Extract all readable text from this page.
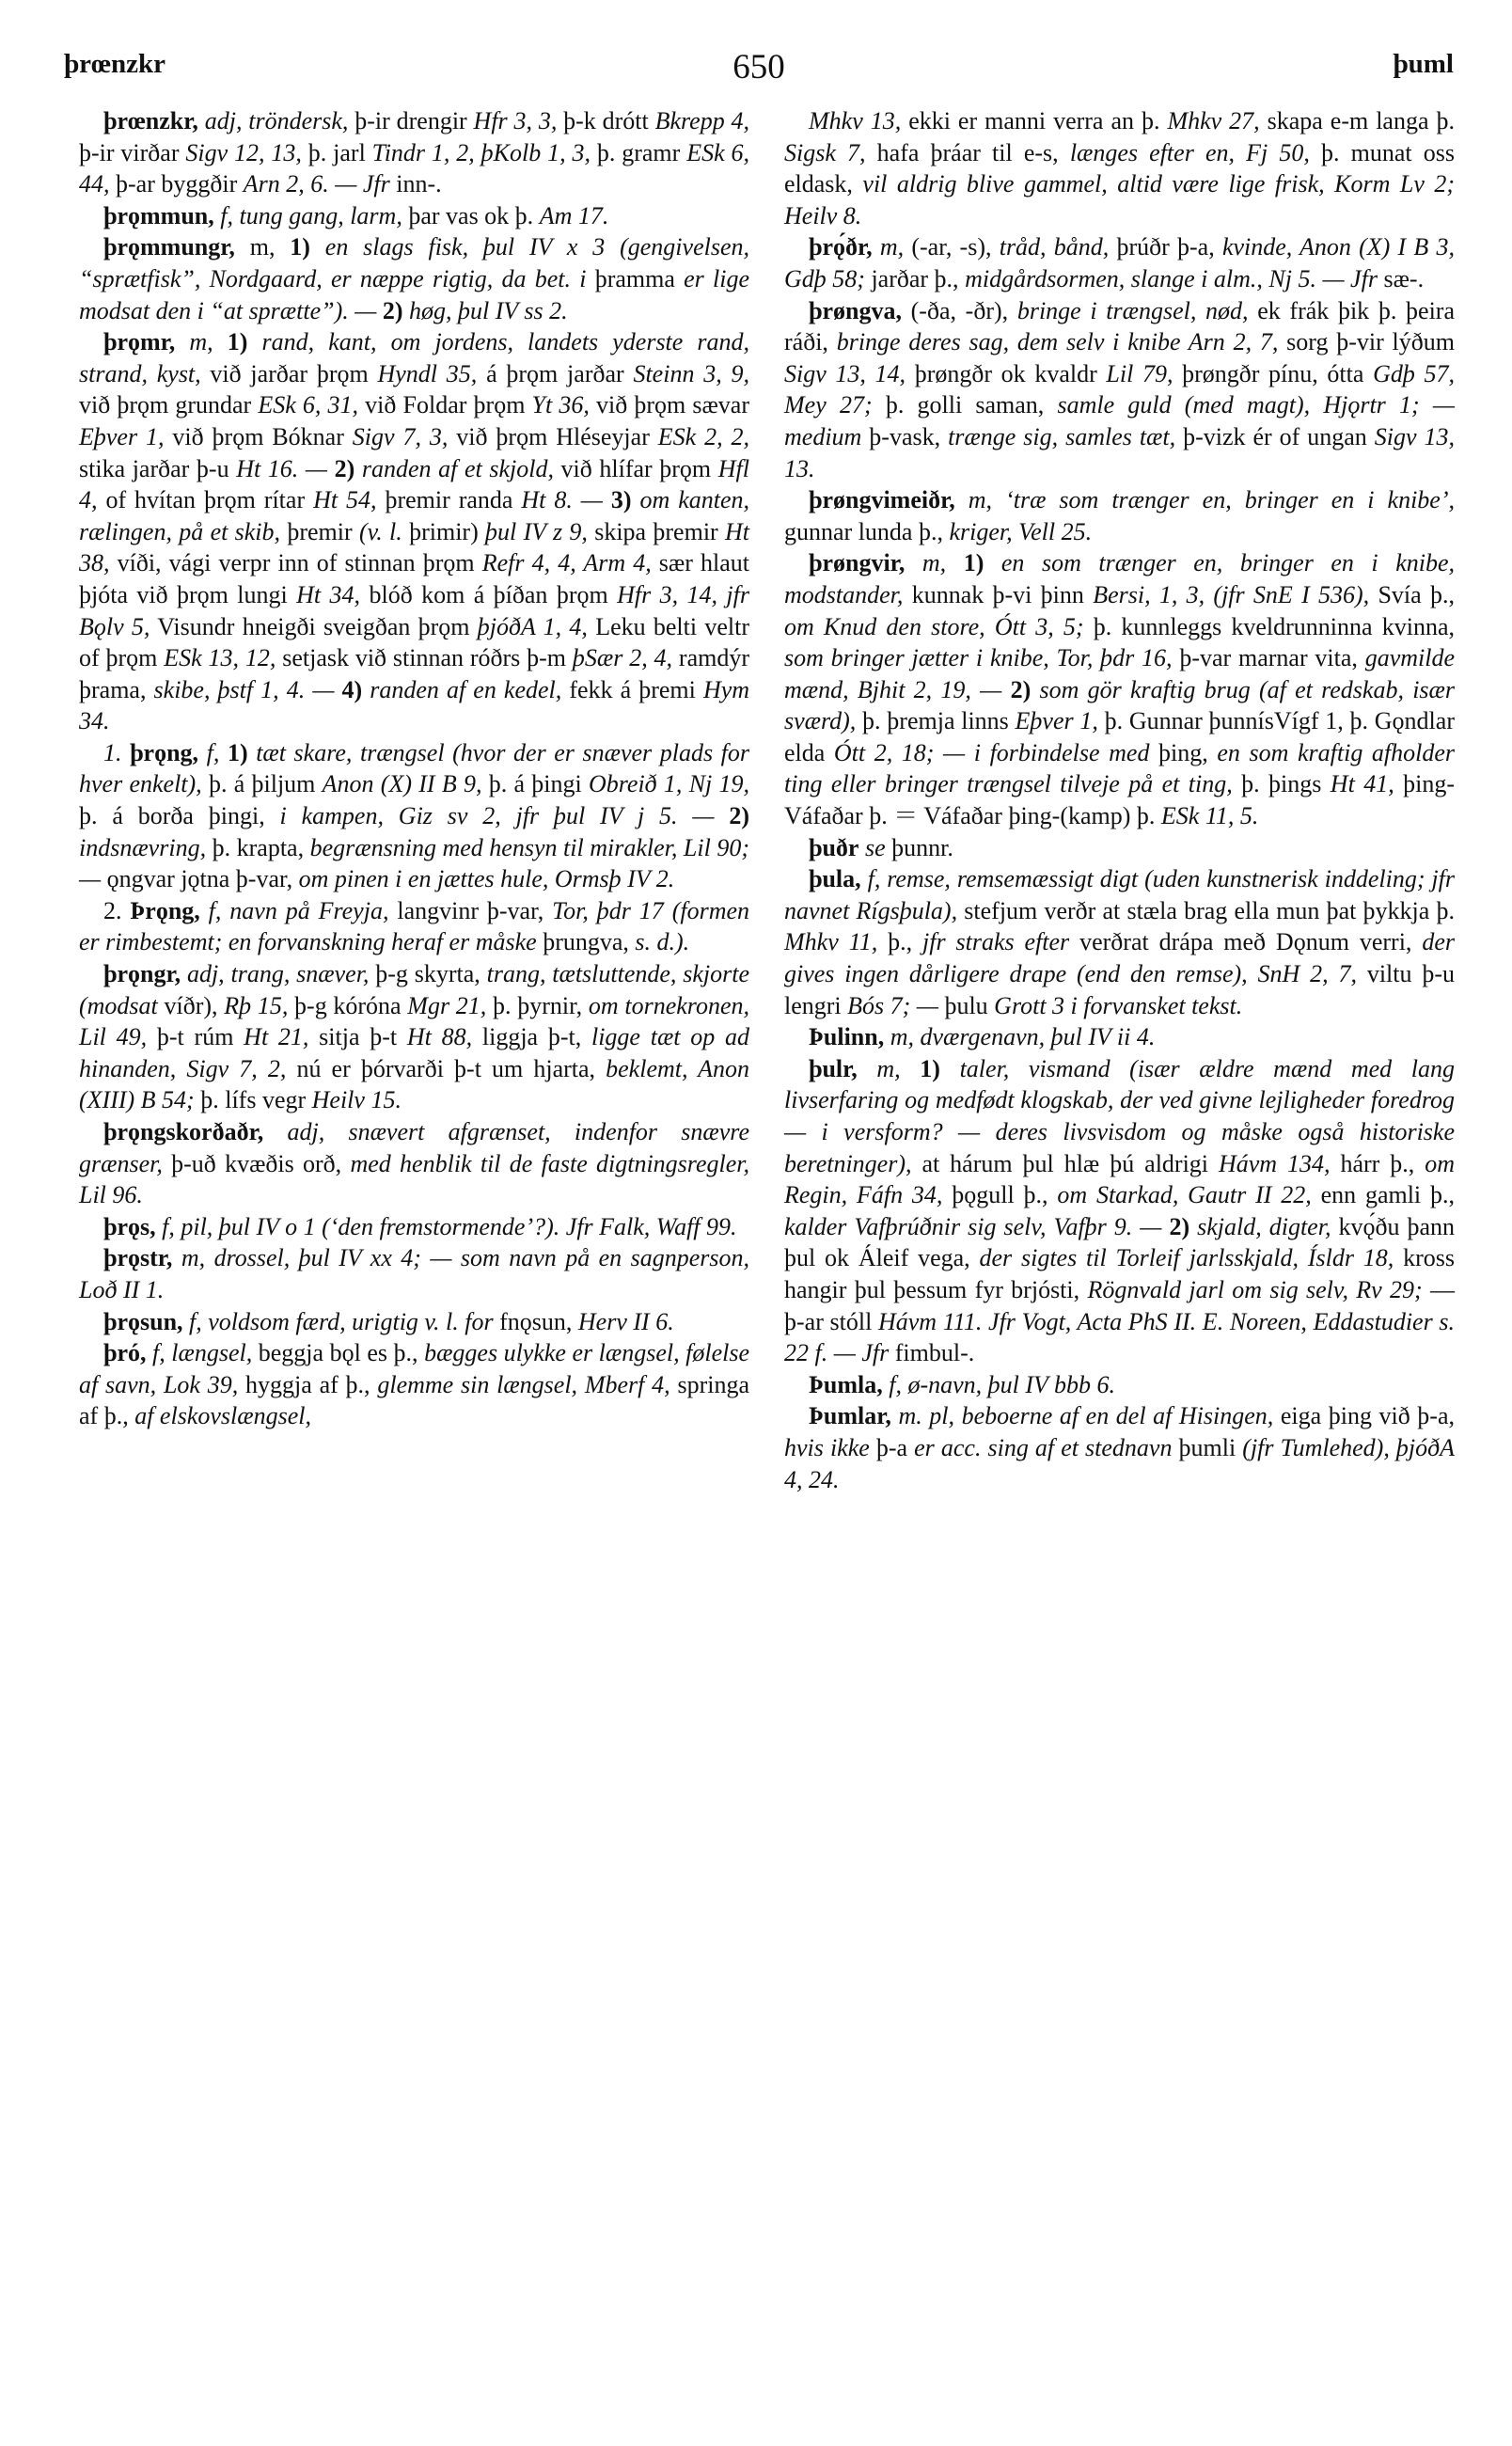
þrœnzkr	650	þuml

þrœnzkr, adj, tröndersk, þ-ir drengir Hfr 3, 3, þ-k drótt Bkrepp 4, þ-ir virðar Sigv 12, 13, þ. jarl Tindr 1, 2, þKolb 1, 3, þ. gramr ESk 6, 44, þ-ar byggðir Arn 2, 6. — Jfr inn-.

þrǫmmun, f, tung gang, larm, þar vas ok þ. Am 17.

þrǫmmungr, m, 1) en slags fisk, þul IV x 3 (gengivelsen, “sprætfisk”, Nordgaard, er næppe rigtig, da bet. i þramma er lige modsat den i “at sprætte”). — 2) høg, þul IV ss 2.

þrǫmr, m, 1) rand, kant, om jordens, landets yderste rand, strand, kyst, við jarðar þrǫm Hyndl 35, á þrǫm jarðar Steinn 3, 9, við þrǫm grundar ESk 6, 31, við Foldar þrǫm Yt 36, við þrǫm sævar Eþver 1, við þrǫm Bóknar Sigv 7, 3, við þrǫm Hléseyjar ESk 2, 2, stika jarðar þ-u Ht 16. — 2) randen af et skjold, við hlífar þrǫm Hfl 4, of hvítan þrǫm rítar Ht 54, þremir randa Ht 8. — 3) om kanten, rælingen, på et skib, þremir (v. l. þrimir) þul IV z 9, skipa þremir Ht 38, víði, vági verpr inn of stinnan þrǫm Refr 4, 4, Arm 4, sær hlaut þjóta við þrǫm lungi Ht 34, blóð kom á þíðan þrǫm Hfr 3, 14, jfr Bǫlv 5, Visundr hneigði sveigðan þrǫm þjóðA 1, 4, Leku belti veltr of þrǫm ESk 13, 12, setjask við stinnan róðrs þ-m þSær 2, 4, ramdýr þrama, skibe, þstf 1, 4. — 4) randen af en kedel, fekk á þremi Hym 34.

1. þrǫng, f, 1) tæt skare, trængsel (hvor der er snæver plads for hver enkelt), þ. á þiljum Anon (X) II B 9, þ. á þingi Obreið 1, Nj 19, þ. á borða þingi, i kampen, Giz sv 2, jfr þul IV j 5. — 2) indsnævring, þ. krapta, begrænsning med hensyn til mirakler, Lil 90; — ǫngvar jǫtna þ-var, om pinen i en jættes hule, Ormsþ IV 2.

2. Þrǫng, f, navn på Freyja, langvinr þ-var, Tor, þdr 17 (formen er rimbestemt; en forvanskning heraf er måske þrungva, s. d.).

þrǫngr, adj, trang, snæver, þ-g skyrta, trang, tætsluttende, skjorte (modsat víðr), Rþ 15, þ-g kóróna Mgr 21, þ. þyrnir, om tornekronen, Lil 49, þ-t rúm Ht 21, sitja þ-t Ht 88, liggja þ-t, ligge tæt op ad hinanden, Sigv 7, 2, nú er þórvarði þ-t um hjarta, beklemt, Anon (XIII) B 54; þ. lífs vegr Heilv 15.

þrǫngskorðaðr, adj, snævert afgrænset, indenfor snævre grænser, þ-uð kvæðis orð, med henblik til de faste digtningsregler, Lil 96.

þrǫs, f, pil, þul IV o 1 (‘den fremstormende’?). Jfr Falk, Waff 99.

þrǫstr, m, drossel, þul IV xx 4; — som navn på en sagnperson, Loð II 1.

þrǫsun, f, voldsom færd, urigtig v. l. for fnǫsun, Herv II 6.

þró, f, længsel, beggja bǫl es þ., bægges ulykke er længsel, følelse af savn, Lok 39, hyggja af þ., glemme sin længsel, Mberf 4, springa af þ., af elskovslængsel,

Mhkv 13, ekki er manni verra an þ. Mhkv 27, skapa e-m langa þ. Sigsk 7, hafa þráar til e-s, længes efter en, Fj 50, þ. munat oss eldask, vil aldrig blive gammel, altid være lige frisk, Korm Lv 2; Heilv 8.

þrǫ́ðr, m, (-ar, -s), tråd, bånd, þrúðr þ-a, kvinde, Anon (X) I B 3, Gdþ 58; jarðar þ., midgårdsormen, slange i alm., Nj 5. — Jfr sæ-.

þrøngva, (-ða, -ðr), bringe i trængsel, nød, ek frák þik þ. þeira ráði, bringe deres sag, dem selv i knibe Arn 2, 7, sorg þ-vir lýðum Sigv 13, 14, þrøngðr ok kvaldr Lil 79, þrøngðr pínu, ótta Gdþ 57, Mey 27; þ. golli saman, samle guld (med magt), Hjǫrtr 1; — medium þ-vask, trænge sig, samles tæt, þ-vizk ér of ungan Sigv 13, 13.

þrøngvimeiðr, m, ‘træ som trænger en, bringer en i knibe’, gunnar lunda þ., kriger, Vell 25.

þrøngvir, m, 1) en som trænger en, bringer en i knibe, modstander, kunnak þ-vi þinn Bersi, 1, 3, (jfr SnE I 536), Svía þ., om Knud den store, Ótt 3, 5; þ. kunnleggs kveldrunninna kvinna, som bringer jætter i knibe, Tor, þdr 16, þ-var marnar vita, gavmilde mænd, Bjhit 2, 19, — 2) som gör kraftig brug (af et redskab, især sværd), þ. þremja linns Eþver 1, þ. Gunnar þunnísVígf 1, þ. Gǫndlar elda Ótt 2, 18; — i forbindelse med þing, en som kraftig afholder ting eller bringer trængsel tilveje på et ting, þ. þings Ht 41, þing-Váfaðar þ. ＝ Váfaðar þing-(kamp) þ. ESk 11, 5.

þuðr se þunnr.

þula, f, remse, remsemæssigt digt (uden kunstnerisk inddeling; jfr navnet Rígsþula), stefjum verðr at stæla brag ella mun þat þykkja þ. Mhkv 11, þ., jfr straks efter verðrat drápa með Dǫnum verri, der gives ingen dårligere drape (end den remse), SnH 2, 7, viltu þ-u lengri Bós 7; — þulu Grott 3 i forvansket tekst.

Þulinn, m, dværgenavn, þul IV ii 4.

þulr, m, 1) taler, vismand (især ældre mænd med lang livserfaring og medfødt klogskab, der ved givne lejligheder foredrog — i versform? — deres livsvisdom og måske også historiske beretninger), at hárum þul hlæ þú aldrigi Hávm 134, hárr þ., om Regin, Fáfn 34, þǫgull þ., om Starkad, Gautr II 22, enn gamli þ., kalder Vafþrúðnir sig selv, Vafþr 9. — 2) skjald, digter, kvǫ́ðu þann þul ok Áleif vega, der sigtes til Torleif jarlsskjald, Ísldr 18, kross hangir þul þessum fyr brjósti, Rögnvald jarl om sig selv, Rv 29; — þ-ar stóll Hávm 111. Jfr Vogt, Acta PhS II. E. Noreen, Eddastudier s. 22 f. — Jfr fimbul-.

Þumla, f, ø-navn, þul IV bbb 6.

Þumlar, m. pl, beboerne af en del af Hisingen, eiga þing við þ-a, hvis ikke þ-a er acc. sing af et stednavn þumli (jfr Tumlehed), þjóðA 4, 24.
